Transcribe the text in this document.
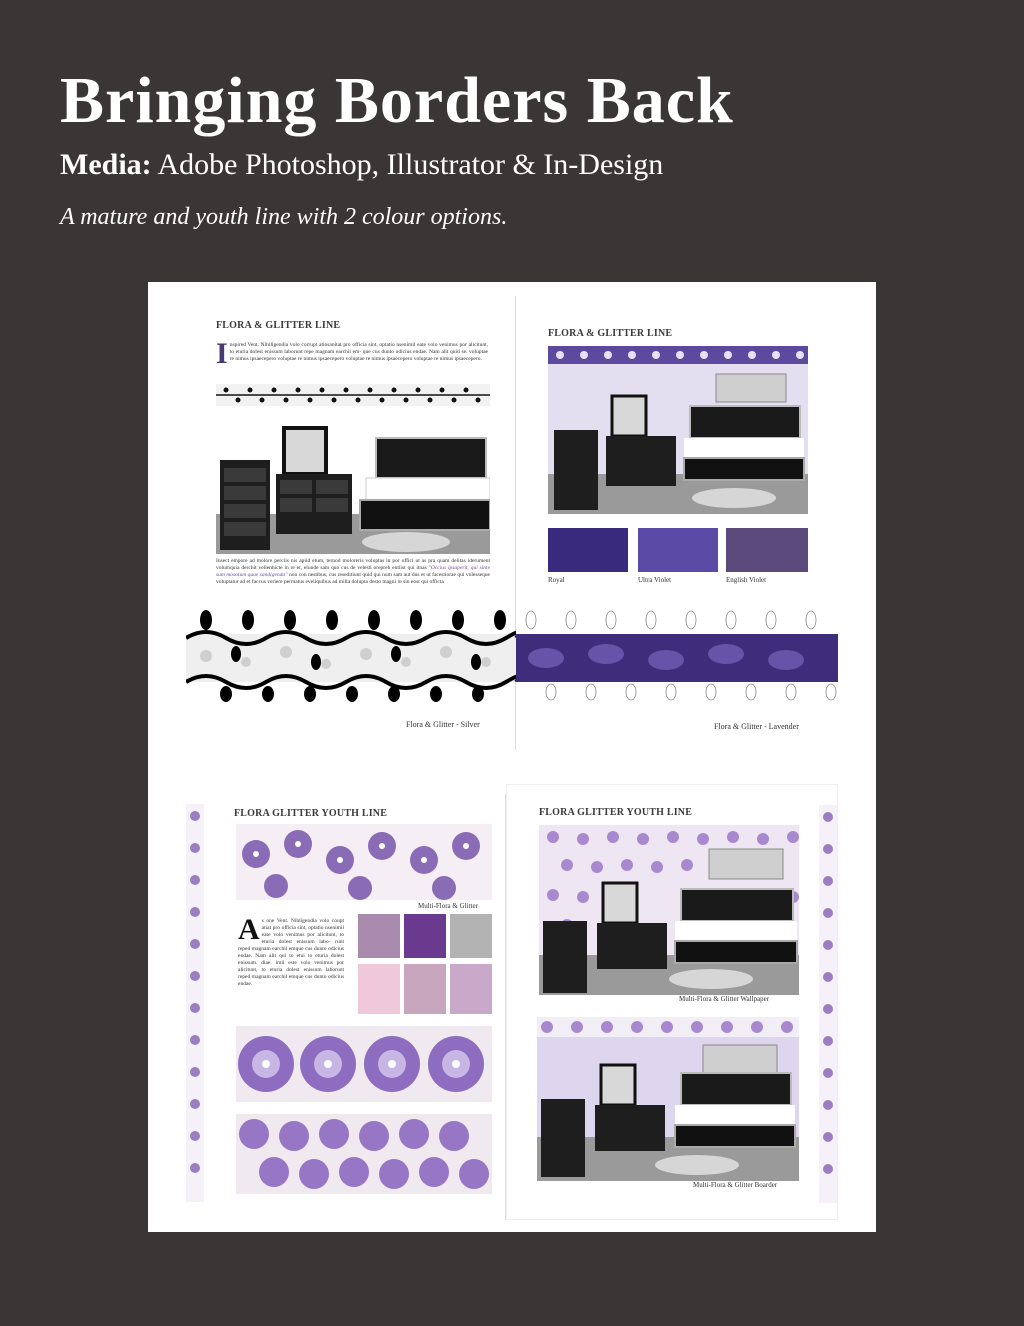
Bringing Borders Back
Media: Adobe Photoshop, Illustrator & In-Design
A mature and youth line with 2 colour options.
FLORA & GLITTER LINE
I nspired Vent. Nihiligendia volo corrupt atiosanitat pro officia sint, optatio nsenimil eate volo venimus por alicitunt, to eturia dolest enissum laborunt repe magnam earchil em- que cus dunto odicius endae. Nam alit quid se. voluptae re nimus ipsaecepero voluptae re nimus ipsaecepero voluptae re nimus ipsaecepero voluptae re nimus ipsaecepero.
Insect empore ad molore perciis nis apiid etum, ternod moloreris voluptas in por offici ut as pra quam delitas iderument volumquia derchit vellenhicte in re et, elunde sam quo cus de velesti orepreh entiist qui itnas "Occius ipsaperit, qui sinte sum mosolum quae sandigenda" non con nestibus, cus reseditiunt quid qui num sam aut dus et ut facestiorae qui volesseque voluptatur ad et faccus veriere permatus eveliquibus ad milla dolupta desto magni re sin eost qui officta
Flora & Glitter - Silver
FLORA & GLITTER LINE
Royal	Ultra Violet	English Violet
Flora & Glitter - Lavender
FLORA GLITTER YOUTH LINE
Multi-Flora & Glitter
A s one Vent. Nihligendia volo coupt atiat pro officia sint, optatio nsenimil eate volo venimus por alicitunt, to eturia dolest enissum labo- runt reped magnam earchil emque cus dunto odicius endae. Nam alit qui to etui to eturia dolest enissum. diae. imil este volo venimus por alicitunt, to eturia dolest enissum laborunt reped magnam earchil emque cus dunto odicius endae.
FLORA GLITTER YOUTH LINE
Multi-Flora & Glitter Wallpaper
Multi-Flora & Glitter Boarder
